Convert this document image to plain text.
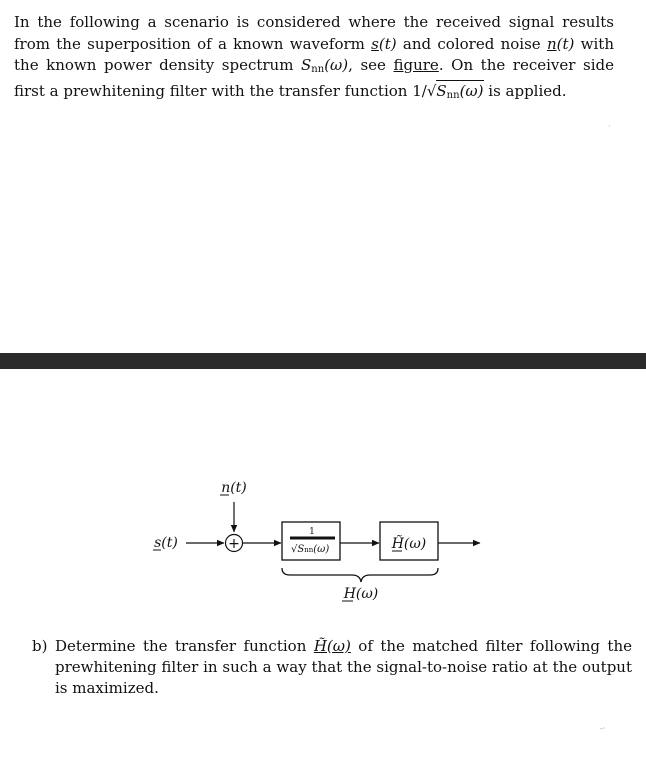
In the following a scenario is considered where the received signal results from the superposition of a known waveform s(t) and colored noise n(t) with the known power density spectrum $S_{nn}(\omega)$, see figure. On the receiver side first a prewhitening filter with the transfer function $1/√S_{nn}(\omega)$ is applied.
·
n(t)
s(t)	+
1
√Snn(ω)	H̃(ω)
H(ω)
b) Determine the transfer function H̃(ω) of the matched filter following the prewhitening filter in such a way that the signal-to-noise ratio at the output is maximized.
-·
